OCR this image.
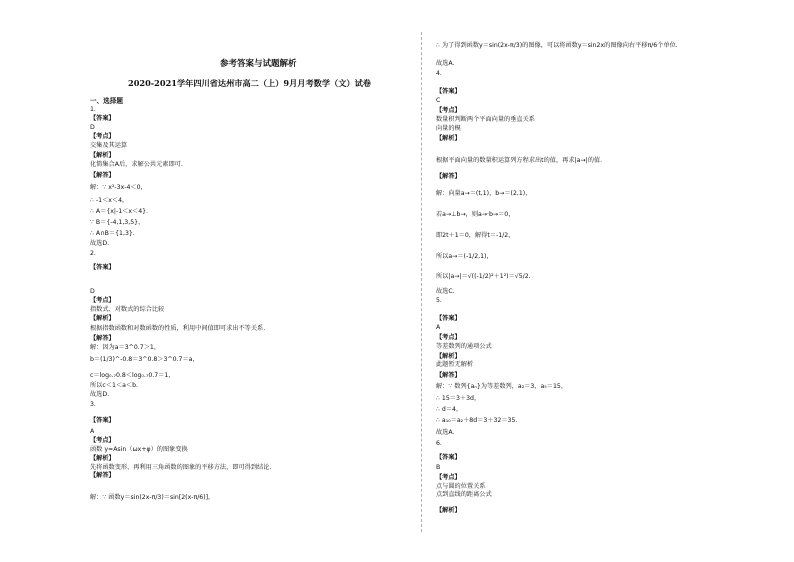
参考答案与试题解析
2020-2021学年四川省达州市高二（上）9月月考数学（文）试卷
一、选择题
1.
【答案】
D
【考点】
交集及其运算
【解析】
化简集合A后，求解公共元素即可.
【解答】
解：∵ x²-3x-4＜0，
∴ -1＜x＜4，
∴ A＝{x|-1＜x＜4}.
∵ B＝{-4,1,3,5}，
∴ A∩B＝{1,3}.
故选D.
2.
【答案】
D
【考点】
指数式、对数式的综合比较
【解析】
根据指数函数和对数函数的性质，利用中间值即可求出不等关系.
【解答】
解：因为a＝3^0.7＞1，
b＝(1/3)^-0.8＝3^0.8＞3^0.7＝a，
c＝log₀.₇0.8＜log₀.₇0.7＝1，
所以c＜1＜a＜b.
故选D.
3.
【答案】
A
【考点】
函数 y=Asin（ωx+φ）的图象变换
【解析】
先将函数变形，再利用三角函数的图象的平移方法，即可得到结论.
【解答】
解：∵ 函数y＝sin(2x-π/3)＝sin[2(x-π/6)]，
∴ 为了得到函数y＝sin(2x-π/3)的图像，可以将函数y＝sin2x的图像向右平移π/6个单位.
故选A.
4.
【答案】
C
【考点】
数量积判断两个平面向量的垂直关系
向量的模
【解析】
根据平面向量的数量积运算列方程求出t的值，再求|a→|的值.
【解答】
解：向量a→＝(t,1)，b→＝(2,1)，
若a→⊥b→，则a→·b→＝0，
即2t＋1＝0，解得t＝-1/2，
所以a→＝(-1/2,1)，
所以|a→|＝√((-1/2)²＋1²)＝√5/2.
故选C.
5.
【答案】
A
【考点】
等差数列的通项公式
【解析】
此题暂无解析
【解答】
解：∵ 数列{aₙ}为等差数列，a₂＝3，a₅＝15，
∴ 15＝3＋3d，
∴ d＝4，
∴ a₁₀＝a₂＋8d＝3＋32＝35.
故选A.
6.
【答案】
B
【考点】
点与圆的位置关系
点到直线的距离公式
【解析】
